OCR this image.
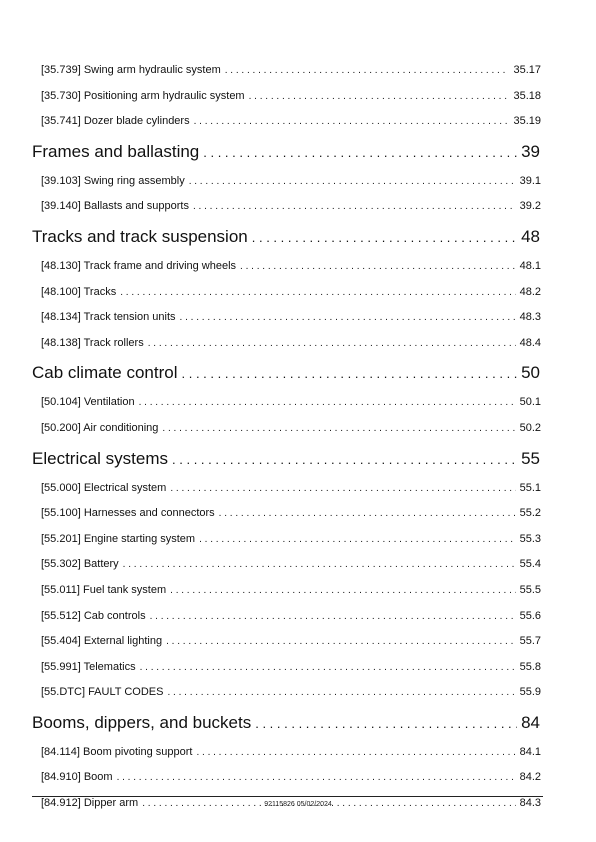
[35.739] Swing arm hydraulic system . . .	35.17
[35.730] Positioning arm hydraulic system . . .	35.18
[35.741] Dozer blade cylinders . . .	35.19
Frames and ballasting . . .	39
[39.103] Swing ring assembly . . .	39.1
[39.140] Ballasts and supports . . .	39.2
Tracks and track suspension . . .	48
[48.130] Track frame and driving wheels . . .	48.1
[48.100] Tracks . . .	48.2
[48.134] Track tension units . . .	48.3
[48.138] Track rollers . . .	48.4
Cab climate control . . .	50
[50.104] Ventilation . . .	50.1
[50.200] Air conditioning . . .	50.2
Electrical systems . . .	55
[55.000] Electrical system . . .	55.1
[55.100] Harnesses and connectors . . .	55.2
[55.201] Engine starting system . . .	55.3
[55.302] Battery . . .	55.4
[55.011] Fuel tank system . . .	55.5
[55.512] Cab controls . . .	55.6
[55.404] External lighting . . .	55.7
[55.991] Telematics . . .	55.8
[55.DTC] FAULT CODES . . .	55.9
Booms, dippers, and buckets . . .	84
[84.114] Boom pivoting support . . .	84.1
[84.910] Boom . . .	84.2
[84.912] Dipper arm . . .	84.3
92115826 05/02/2024
